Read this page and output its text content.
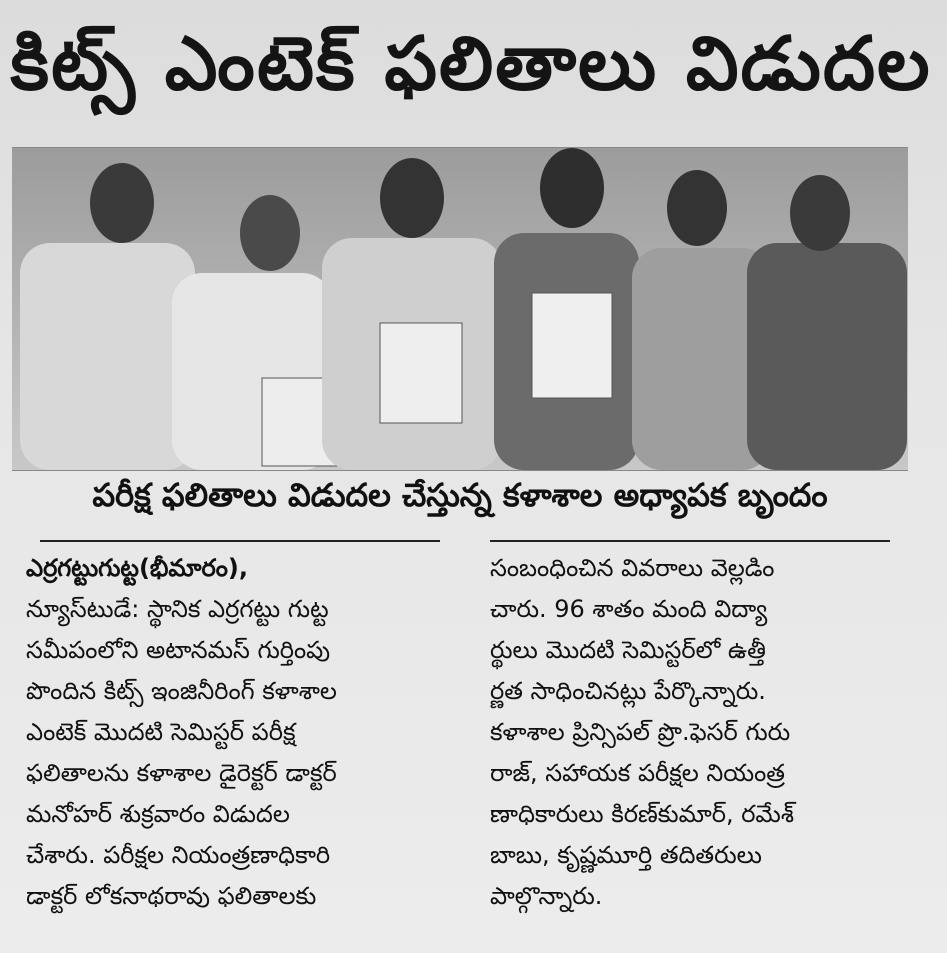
కిట్స్ ఎంటెక్ ఫలితాలు విడుదల
పరీక్ష ఫలితాలు విడుదల చేస్తున్న కళాశాల అధ్యాపక బృందం
ఎర్రగట్టుగుట్ట(భీమారం),
న్యూస్‌టుడే: స్థానిక ఎర్రగట్టు గుట్ట
సమీపంలోని అటానమస్ గుర్తింపు
పొందిన కిట్స్ ఇంజినీరింగ్ కళాశాల
ఎంటెక్ మొదటి సెమిస్టర్ పరీక్ష
ఫలితాలను కళాశాల డైరెక్టర్ డాక్టర్
మనోహర్ శుక్రవారం విడుదల
చేశారు. పరీక్షల నియంత్రణాధికారి
డాక్టర్ లోకనాథరావు ఫలితాలకు
సంబంధించిన వివరాలు వెల్లడిం
చారు. 96 శాతం మంది విద్యా
ర్థులు మొదటి సెమిస్టర్‌లో ఉత్తీ
ర్ణత సాధించినట్లు పేర్కొన్నారు.
కళాశాల ప్రిన్సిపల్ ప్రొ.ఫెసర్ గురు
రాజ్, సహాయక పరీక్షల నియంత్ర
ణాధికారులు కిరణ్‌కుమార్, రమేశ్
బాబు, కృష్ణమూర్తి తదితరులు
పాల్గొన్నారు.
